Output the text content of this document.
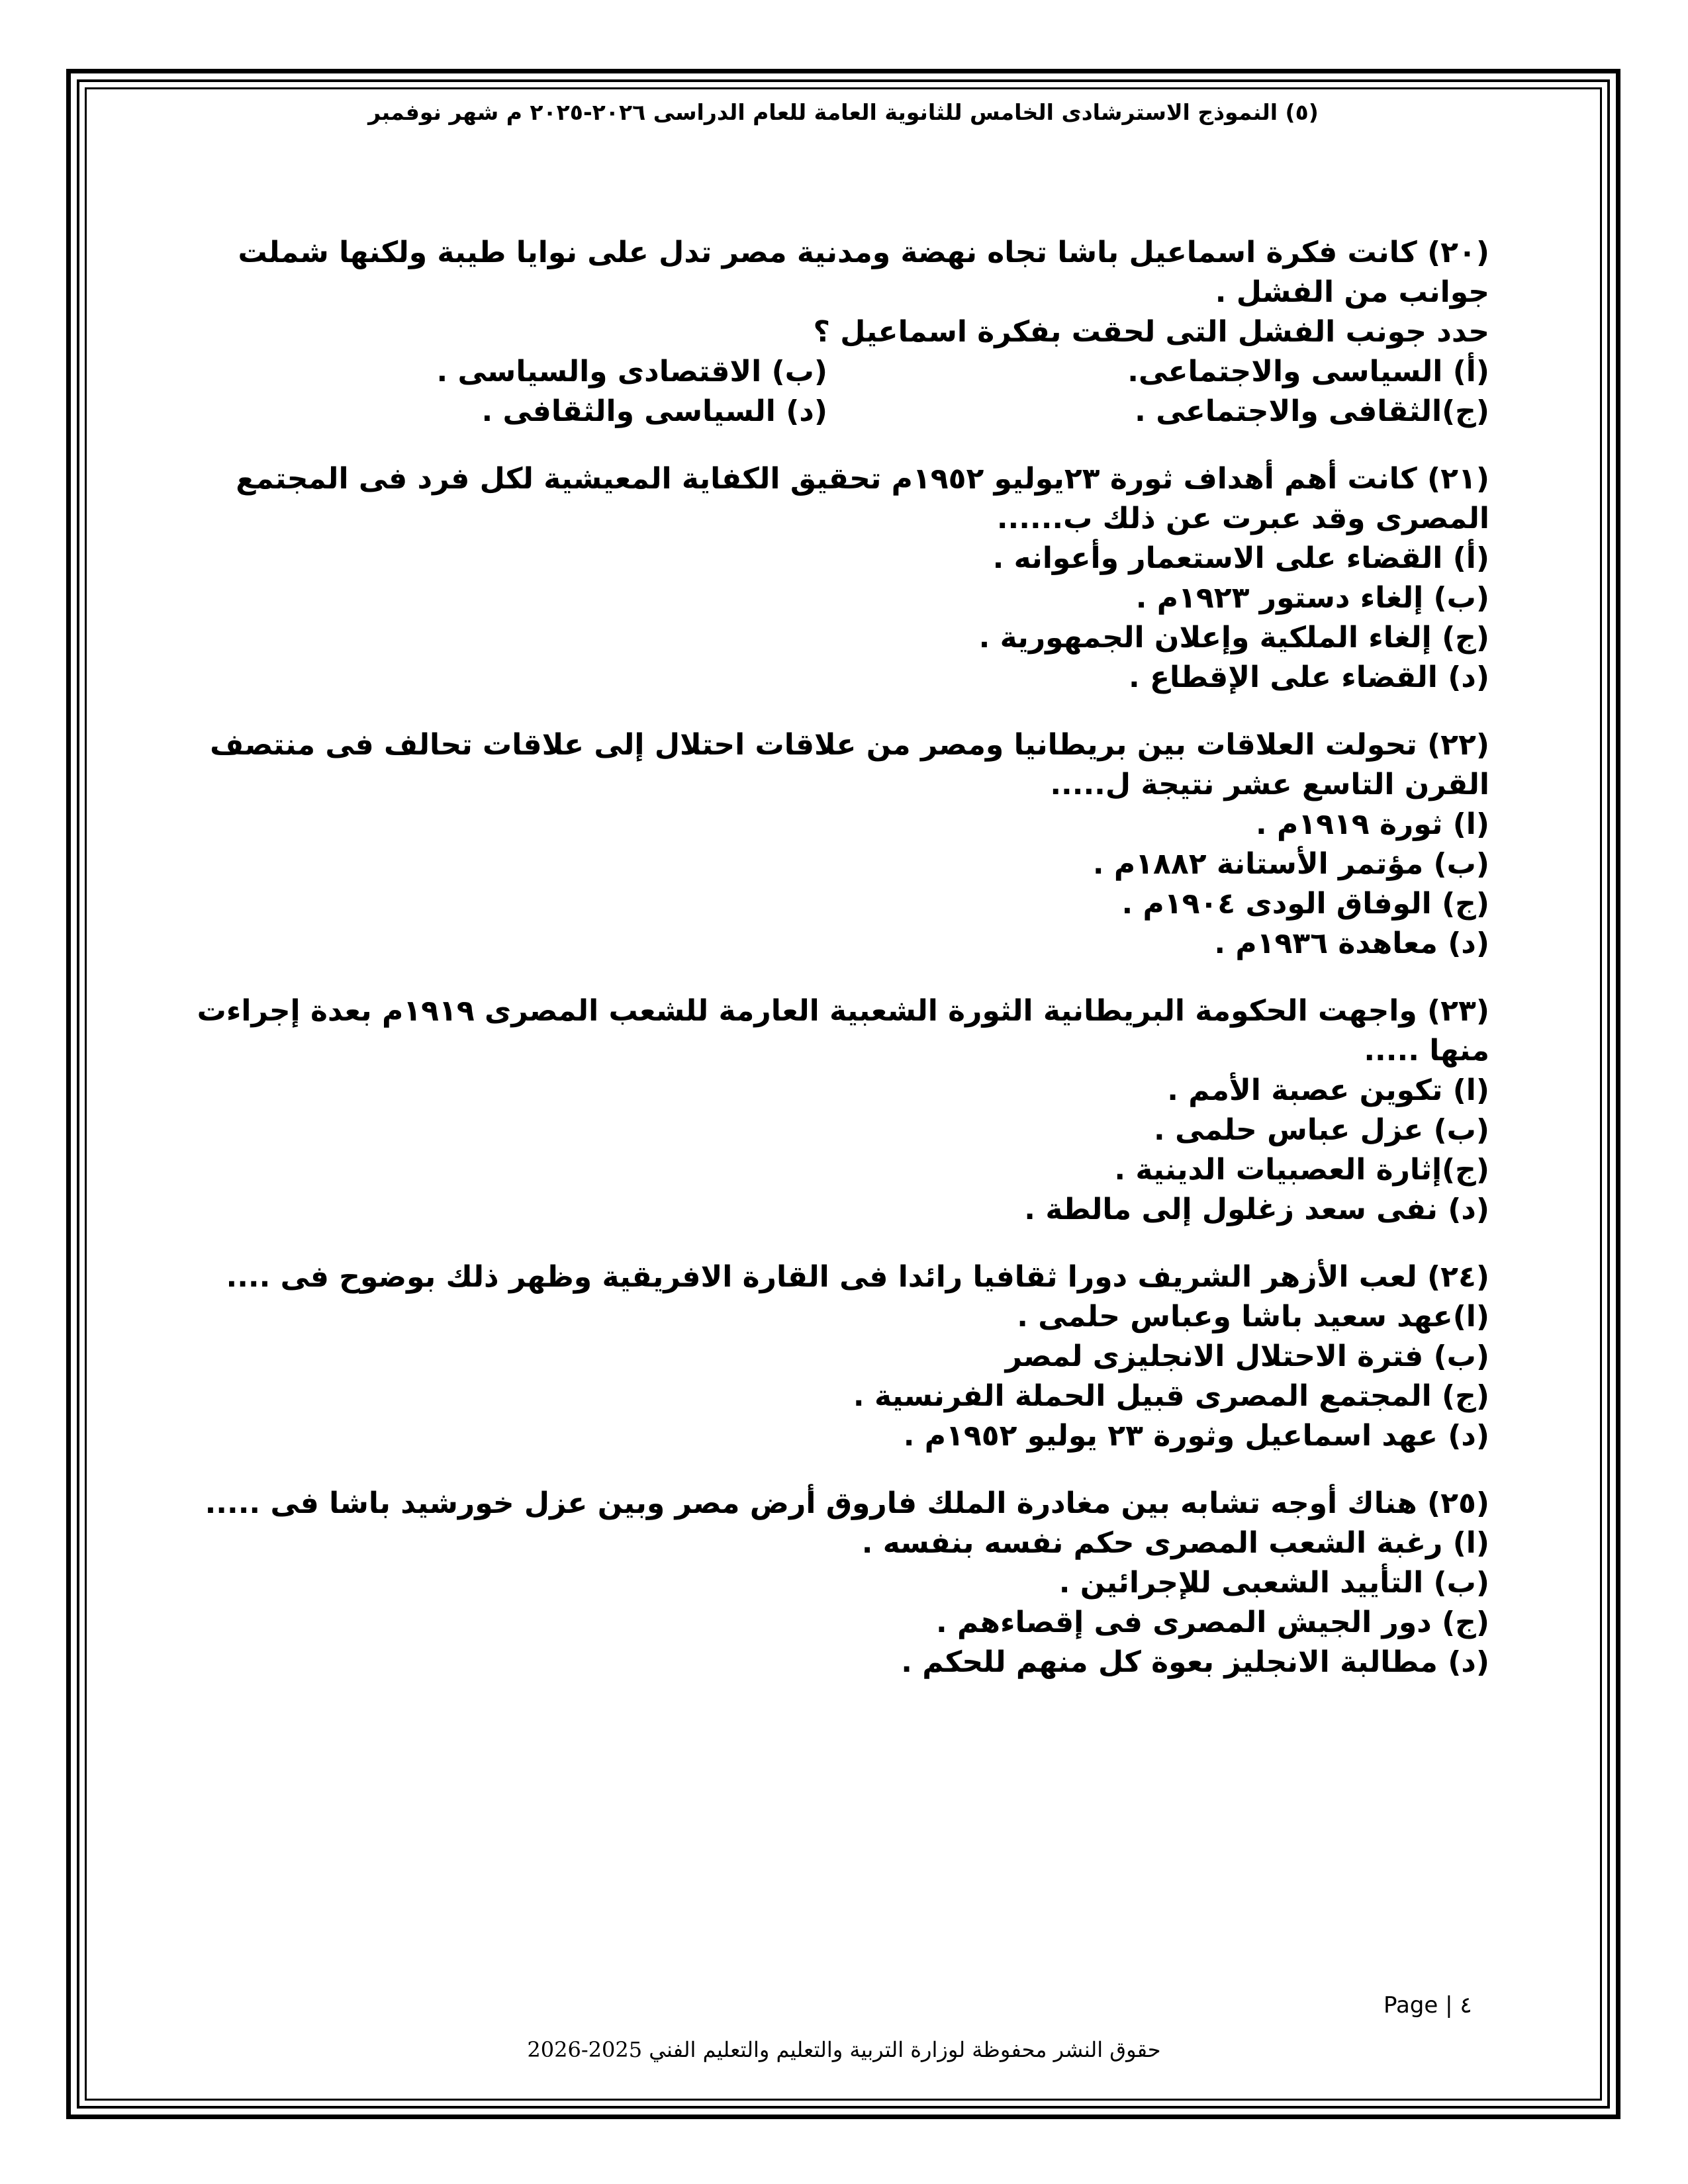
(٥) النموذج الاسترشادى الخامس للثانوية العامة للعام الدراسى ٢٠٢٦-٢٠٢٥ م شهر نوفمبر

(٢٠) كانت فكرة اسماعيل باشا تجاه نهضة ومدنية مصر تدل على نوايا طيبة ولكنها شملت جوانب من الفشل .

حدد جونب الفشل التى لحقت بفكرة اسماعيل ؟

(أ) السياسى والاجتماعى.

(ب) الاقتصادى والسياسى .

(ج)الثقافى والاجتماعى .

(د) السياسى والثقافى .

(٢١) كانت أهم أهداف ثورة ٢٣يوليو ١٩٥٢م تحقيق الكفاية المعيشية لكل فرد فى المجتمع المصرى وقد عبرت عن ذلك ب......

(أ) القضاء على الاستعمار وأعوانه .

(ب) إلغاء دستور ١٩٢٣م .

(ج) إلغاء الملكية وإعلان الجمهورية .

(د) القضاء على الإقطاع .

(٢٢) تحولت العلاقات بين بريطانيا ومصر من علاقات احتلال إلى علاقات تحالف فى منتصف القرن التاسع عشر نتيجة ل.....

(ا) ثورة ١٩١٩م .

(ب) مؤتمر الأستانة ١٨٨٢م .

(ج) الوفاق الودى ١٩٠٤م .

(د) معاهدة ١٩٣٦م .

(٢٣) واجهت الحكومة البريطانية الثورة الشعبية العارمة للشعب المصرى ١٩١٩م بعدة إجراءت منها .....

(ا) تكوين عصبة الأمم .

(ب) عزل عباس حلمى .

(ج)إثارة العصبيات الدينية .

(د) نفى سعد زغلول إلى مالطة .

(٢٤) لعب الأزهر الشريف دورا ثقافيا رائدا فى القارة الافريقية وظهر ذلك بوضوح فى ....

(ا)عهد سعيد باشا وعباس حلمى .

(ب) فترة الاحتلال الانجليزى لمصر

(ج) المجتمع المصرى قبيل الحملة الفرنسية .

(د) عهد اسماعيل وثورة ٢٣ يوليو ١٩٥٢م .

(٢٥) هناك أوجه تشابه بين مغادرة الملك فاروق أرض مصر وبين عزل خورشيد باشا فى .....

(ا) رغبة الشعب المصرى حكم نفسه بنفسه .

(ب) التأييد الشعبى للإجرائين .

(ج) دور الجيش المصرى فى إقصاءهم .

(د) مطالبة الانجليز بعوة كل منهم للحكم .

Page | ٤
حقوق النشر محفوظة لوزارة التربية والتعليم والتعليم الفني 2025-2026
